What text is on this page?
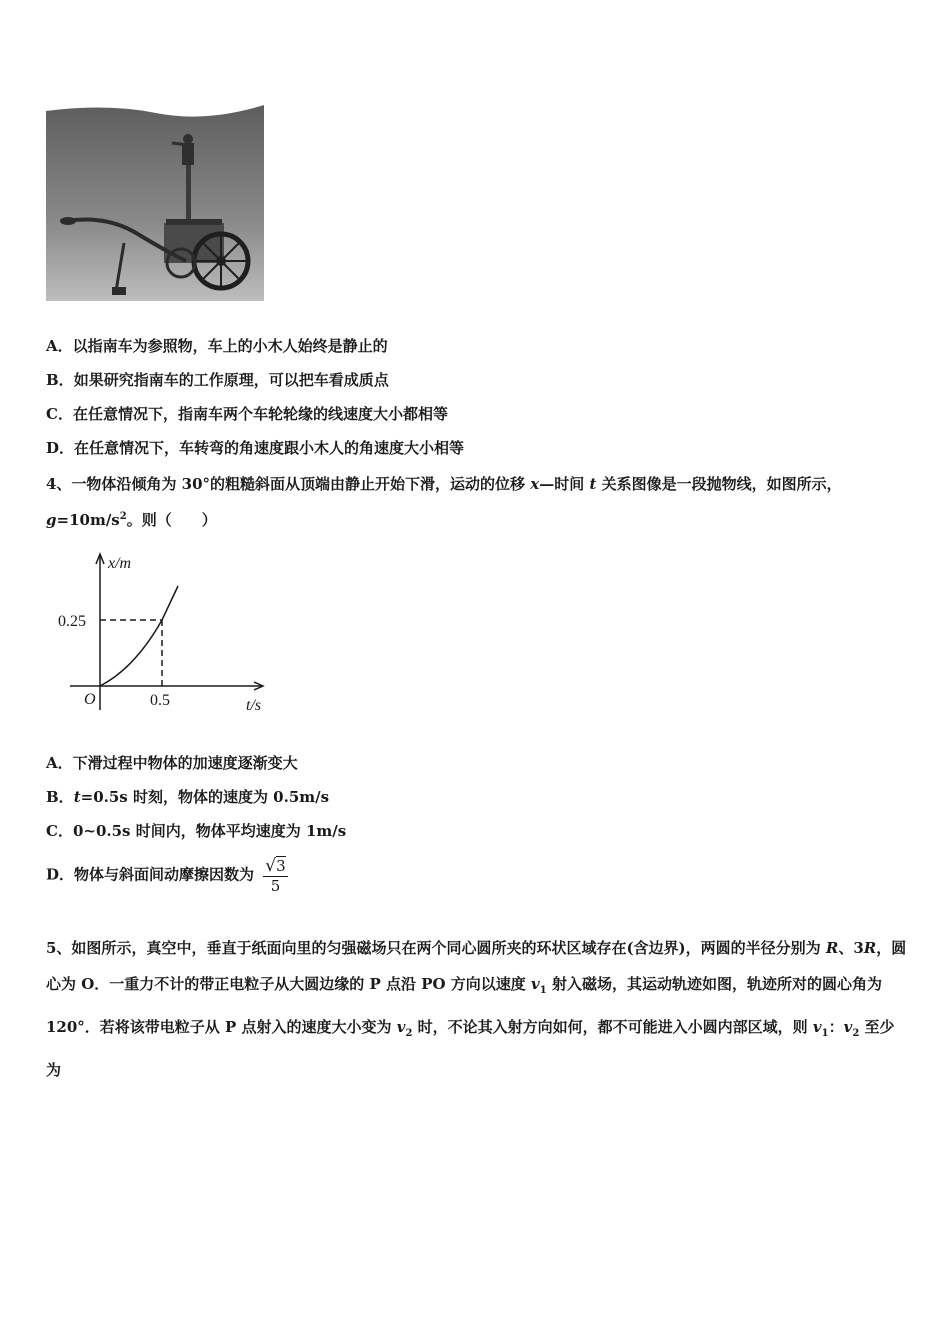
A．以指南车为参照物，车上的小木人始终是静止的
B．如果研究指南车的工作原理，可以把车看成质点
C．在任意情况下，指南车两个车轮轮缘的线速度大小都相等
D．在任意情况下，车转弯的角速度跟小木人的角速度大小相等
4、一物体沿倾角为 30°的粗糙斜面从顶端由静止开始下滑，运动的位移 x—时间 t 关系图像是一段抛物线，如图所示，
$g=10m/s^2$。则（　　）
x/m
0.25
O	0.5	t/s
A．下滑过程中物体的加速度逐渐变大
B．t=0.5s 时刻，物体的速度为 0.5m/s
C．0~0.5s 时间内，物体平均速度为 1m/s
D．物体与斜面间动摩擦因数为 $\frac{√3}{5}$
5、如图所示，真空中，垂直于纸面向里的匀强磁场只在两个同心圆所夹的环状区域存在(含边界)，两圆的半径分别为 R、3R，圆心为 O．一重力不计的带正电粒子从大圆边缘的 P 点沿 PO 方向以速度 $v_1$ 射入磁场，其运动轨迹如图，轨迹所对的圆心角为 120°．若将该带电粒子从 P 点射入的速度大小变为 $v_2$ 时，不论其入射方向如何，都不可能进入小圆内部区域，则 $v_1$：$v_2$ 至少为
